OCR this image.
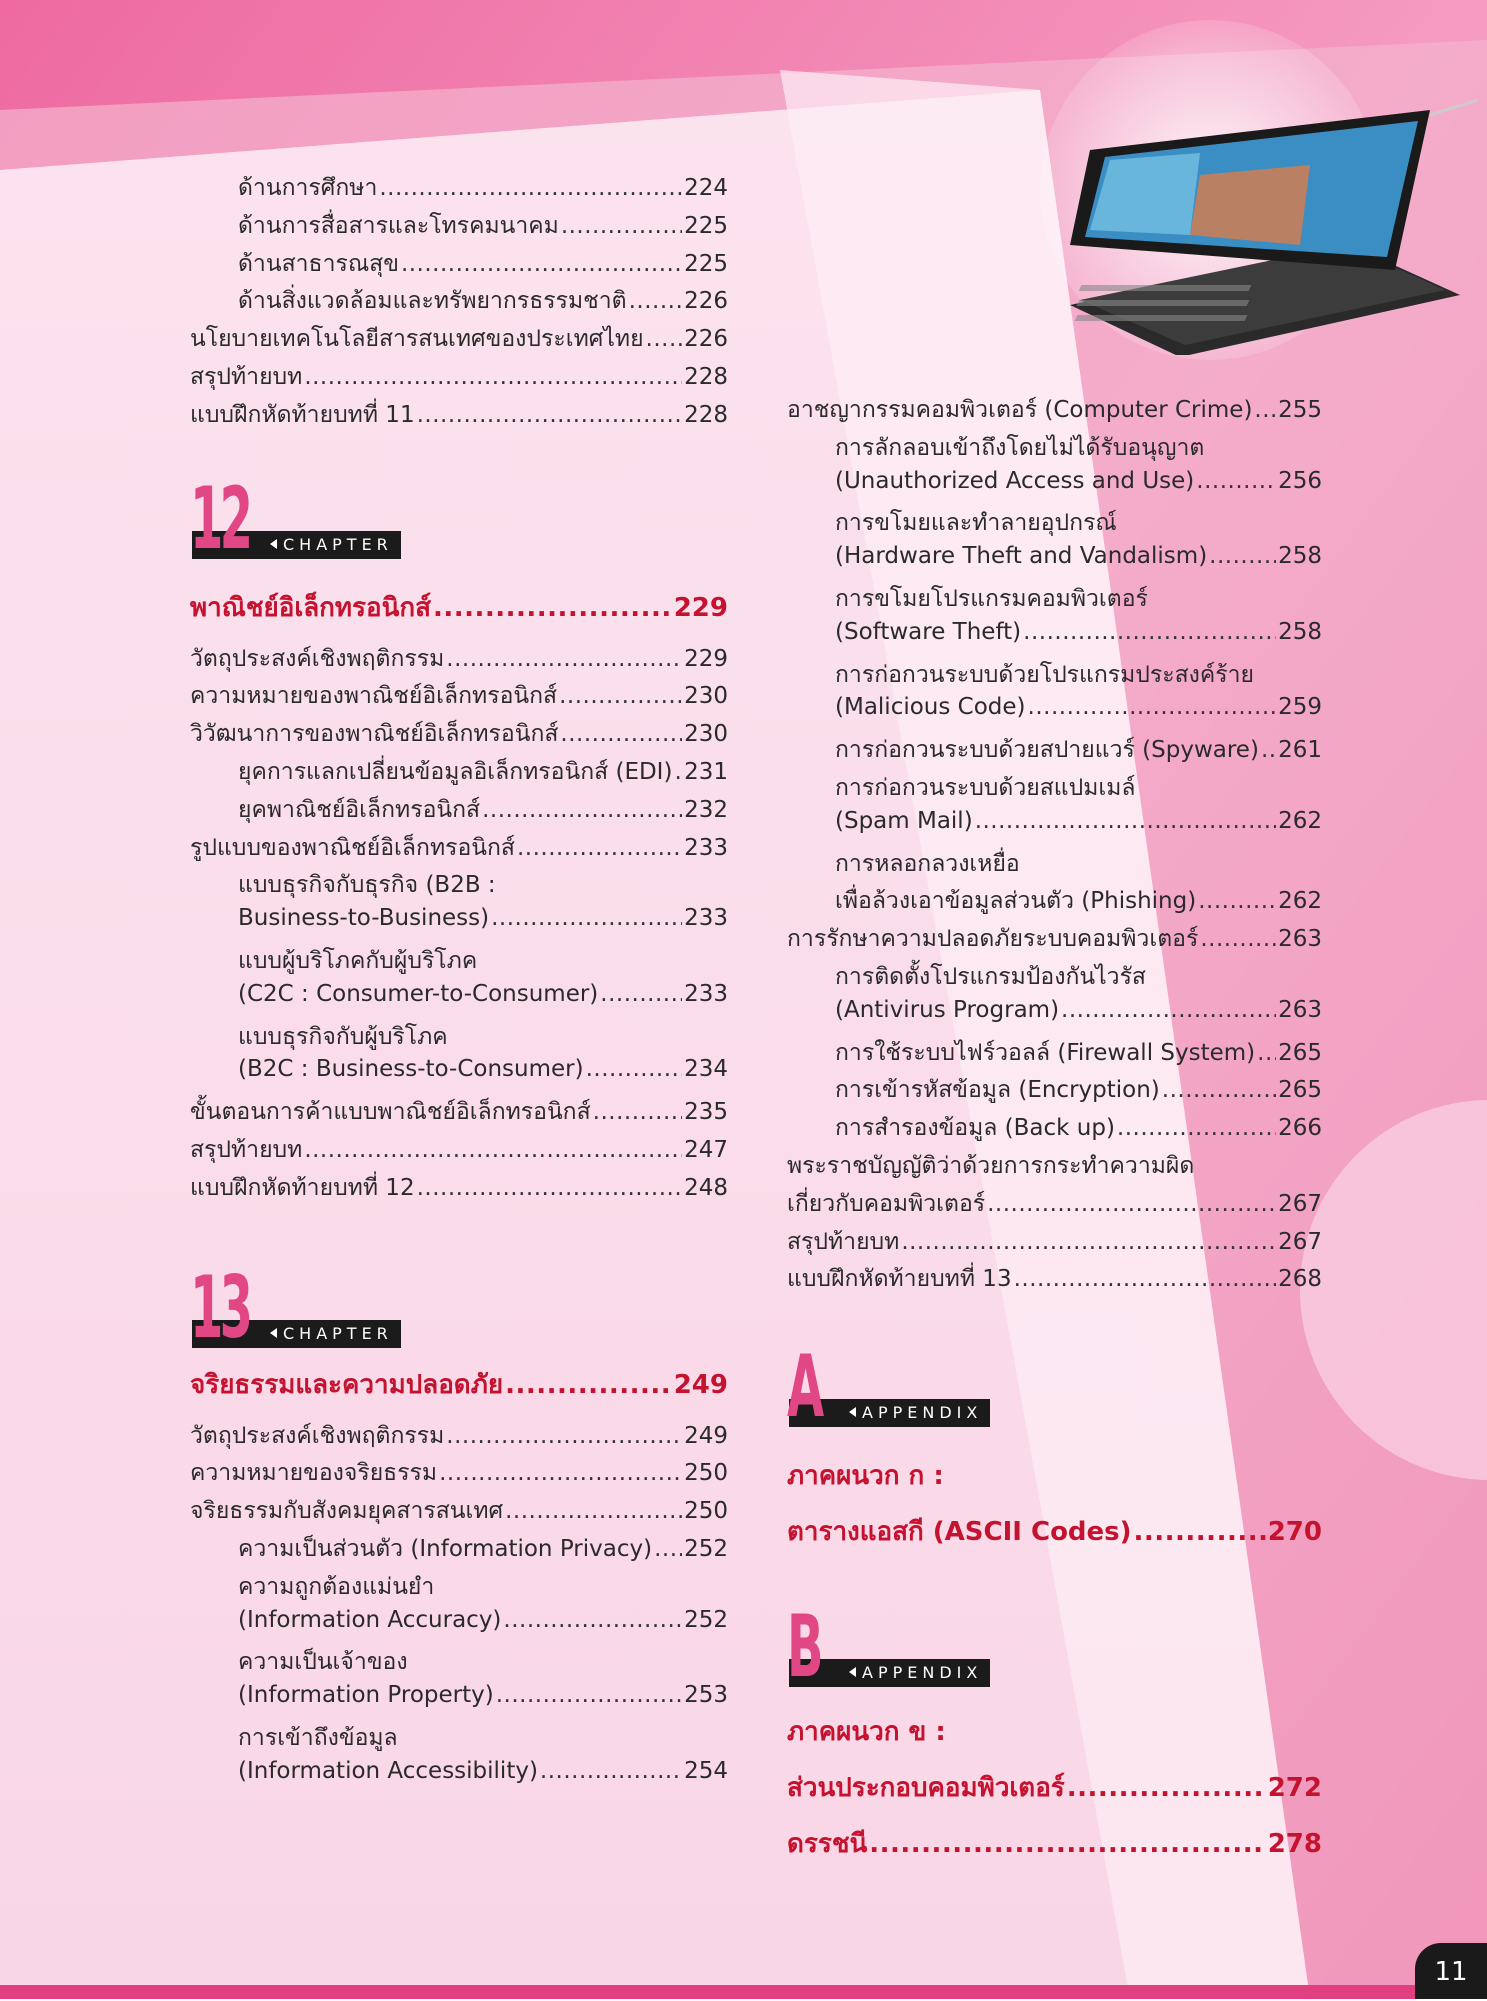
ด้านการศึกษา .....	224
ด้านการสื่อสารและโทรคมนาคม .....	225
ด้านสาธารณสุข .....	225
ด้านสิ่งแวดล้อมและทรัพยากรธรรมชาติ .....	226
นโยบายเทคโนโลยีสารสนเทศของประเทศไทย ..... 226
สรุปท้ายบท .....	228
แบบฝึกหัดท้ายบทที่ 11 .....	228
CHAPTER
12
พาณิชย์อิเล็กทรอนิกส์ .....	229
วัตถุประสงค์เชิงพฤติกรรม .....	229
ความหมายของพาณิชย์อิเล็กทรอนิกส์ .....	230
วิวัฒนาการของพาณิชย์อิเล็กทรอนิกส์ .....	230
ยุคการแลกเปลี่ยนข้อมูลอิเล็กทรอนิกส์ (EDI) ..... 231
ยุคพาณิชย์อิเล็กทรอนิกส์ .....	232
รูปแบบของพาณิชย์อิเล็กทรอนิกส์ .....	233
แบบธุรกิจกับธุรกิจ (B2B :
Business-to-Business) .....	233
แบบผู้บริโภคกับผู้บริโภค
(C2C : Consumer-to-Consumer) .....	233
แบบธุรกิจกับผู้บริโภค
(B2C : Business-to-Consumer) .....	234
ขั้นตอนการค้าแบบพาณิชย์อิเล็กทรอนิกส์ .....	235
สรุปท้ายบท .....	247
แบบฝึกหัดท้ายบทที่ 12 .....	248
CHAPTER
13
จริยธรรมและความปลอดภัย .....	249
วัตถุประสงค์เชิงพฤติกรรม .....	249
ความหมายของจริยธรรม .....	250
จริยธรรมกับสังคมยุคสารสนเทศ .....	250
ความเป็นส่วนตัว (Information Privacy) ..... 252
ความถูกต้องแม่นยำ
(Information Accuracy) .....	252
ความเป็นเจ้าของ
(Information Property) .....	253
การเข้าถึงข้อมูล
(Information Accessibility) .....	254
อาชญากรรมคอมพิวเตอร์ (Computer Crime) ..... 255
การลักลอบเข้าถึงโดยไม่ได้รับอนุญาต
(Unauthorized Access and Use) .....	256
การขโมยและทำลายอุปกรณ์
(Hardware Theft and Vandalism) .....	258
การขโมยโปรแกรมคอมพิวเตอร์
(Software Theft) .....	258
การก่อกวนระบบด้วยโปรแกรมประสงค์ร้าย
(Malicious Code) .....	259
การก่อกวนระบบด้วยสปายแวร์ (Spyware) ..... 261
การก่อกวนระบบด้วยสแปมเมล์
(Spam Mail) .....	262
การหลอกลวงเหยื่อ
เพื่อล้วงเอาข้อมูลส่วนตัว (Phishing) .....	262
การรักษาความปลอดภัยระบบคอมพิวเตอร์ .....	263
การติดตั้งโปรแกรมป้องกันไวรัส
(Antivirus Program) .....	263
การใช้ระบบไฟร์วอลล์ (Firewall System) ..... 265
การเข้ารหัสข้อมูล (Encryption) .....	265
การสำรองข้อมูล (Back up) .....	266
พระราชบัญญัติว่าด้วยการกระทำความผิด
เกี่ยวกับคอมพิวเตอร์ .....	267
สรุปท้ายบท .....	267
แบบฝึกหัดท้ายบทที่ 13 .....	268
APPENDIX
A
ภาคผนวก ก :
ตารางแอสกี (ASCII Codes) .....	270
APPENDIX
B
ภาคผนวก ข :
ส่วนประกอบคอมพิวเตอร์ .....	272
ดรรชนี .....	278
11
